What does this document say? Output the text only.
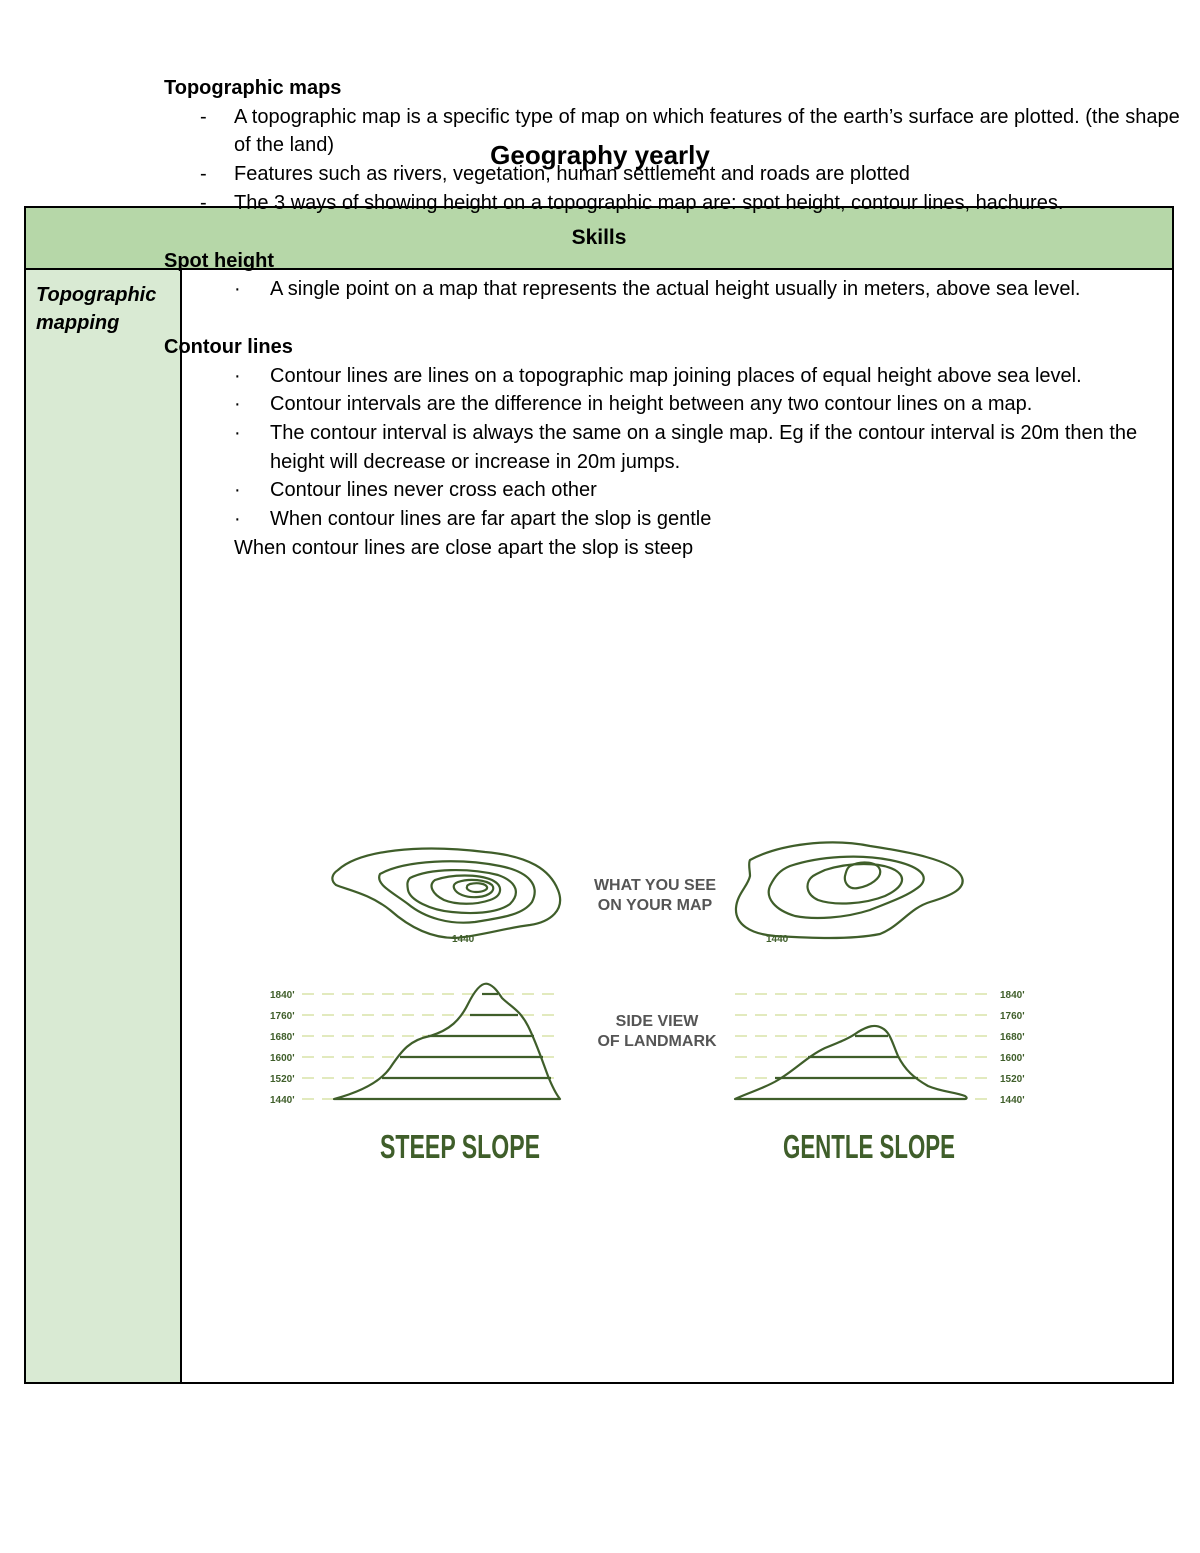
Geography yearly
Skills
Topographic mapping
Topographic maps
- A topographic map is a specific type of map on which features of the earth’s surface are plotted. (the shape of the land)
- Features such as rivers, vegetation, human settlement and roads are plotted
- The 3 ways of showing height on a topographic map are: spot height, contour lines, hachures.
Spot height
· A single point on a map that represents the actual height usually in meters, above sea level.
Contour lines
· Contour lines are lines on a topographic map joining places of equal height above sea level.
· Contour intervals are the difference in height between any two contour lines on a map.
· The contour interval is always the same on a single map. Eg if the contour interval is 20m then the height will decrease or increase in 20m jumps.
· Contour lines never cross each other
· When contour lines are far apart the slop is gentle
When contour lines are close apart the slop is steep
1440	1440
WHAT YOU SEE
ON YOUR MAP
1840'
1760'
1680'
1600'
1520'
1440'
1840'
1760'
1680'
1600'
1520'
1440'
SIDE VIEW
OF LANDMARK
STEEP SLOPE	GENTLE SLOPE
